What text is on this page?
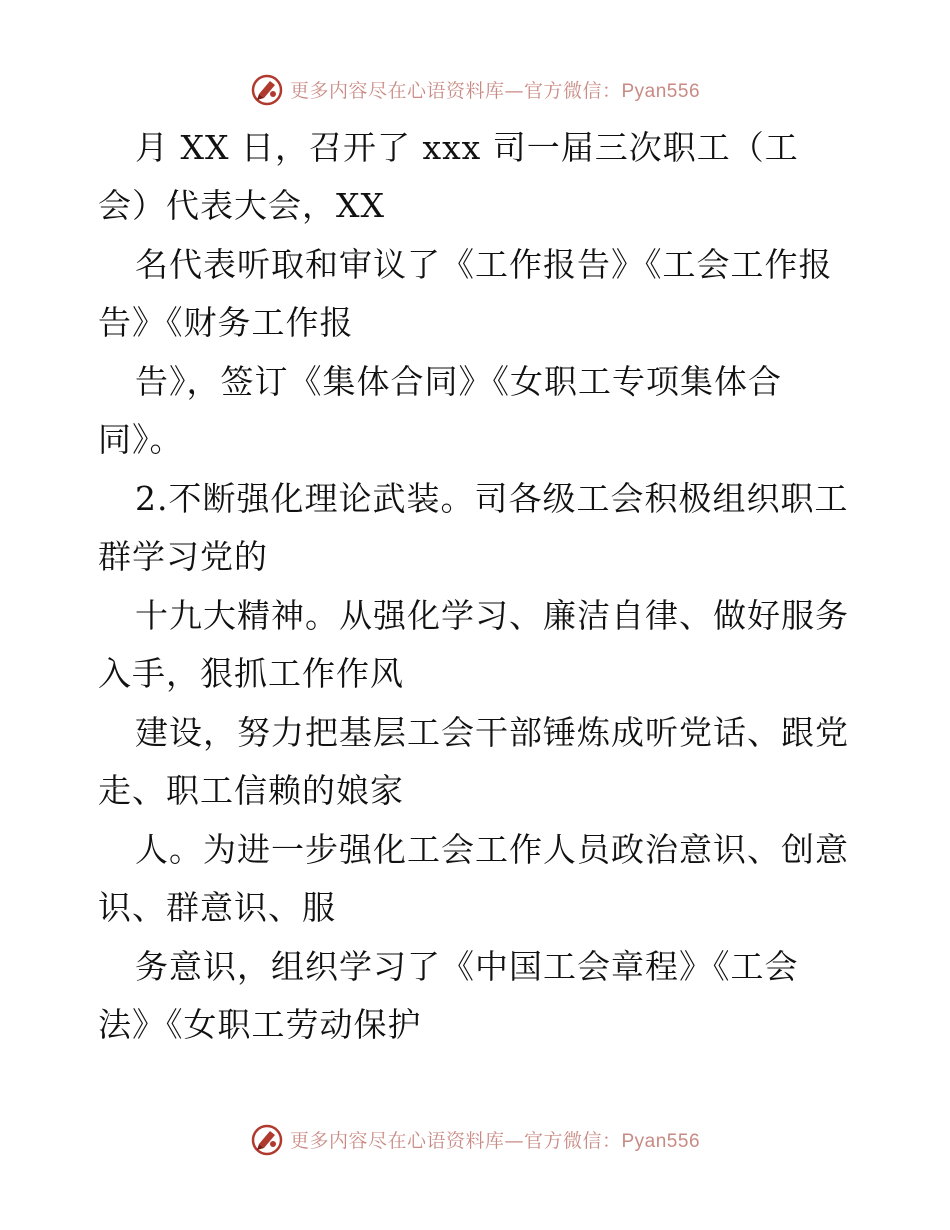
更多内容尽在心语资料库—官方微信：Pyan556
月 XX 日，召开了 xxx 司一届三次职工（工
会）代表大会，XX
名代表听取和审议了《工作报告》《工会工作报
告》《财务工作报
告》，签订《集体合同》《女职工专项集体合
同》。
2.不断强化理论武装。司各级工会积极组织职工
群学习党的
十九大精神。从强化学习、廉洁自律、做好服务
入手，狠抓工作作风
建设，努力把基层工会干部锤炼成听党话、跟党
走、职工信赖的娘家
人。为进一步强化工会工作人员政治意识、创意
识、群意识、服
务意识，组织学习了《中国工会章程》《工会
法》《女职工劳动保护
更多内容尽在心语资料库—官方微信：Pyan556
